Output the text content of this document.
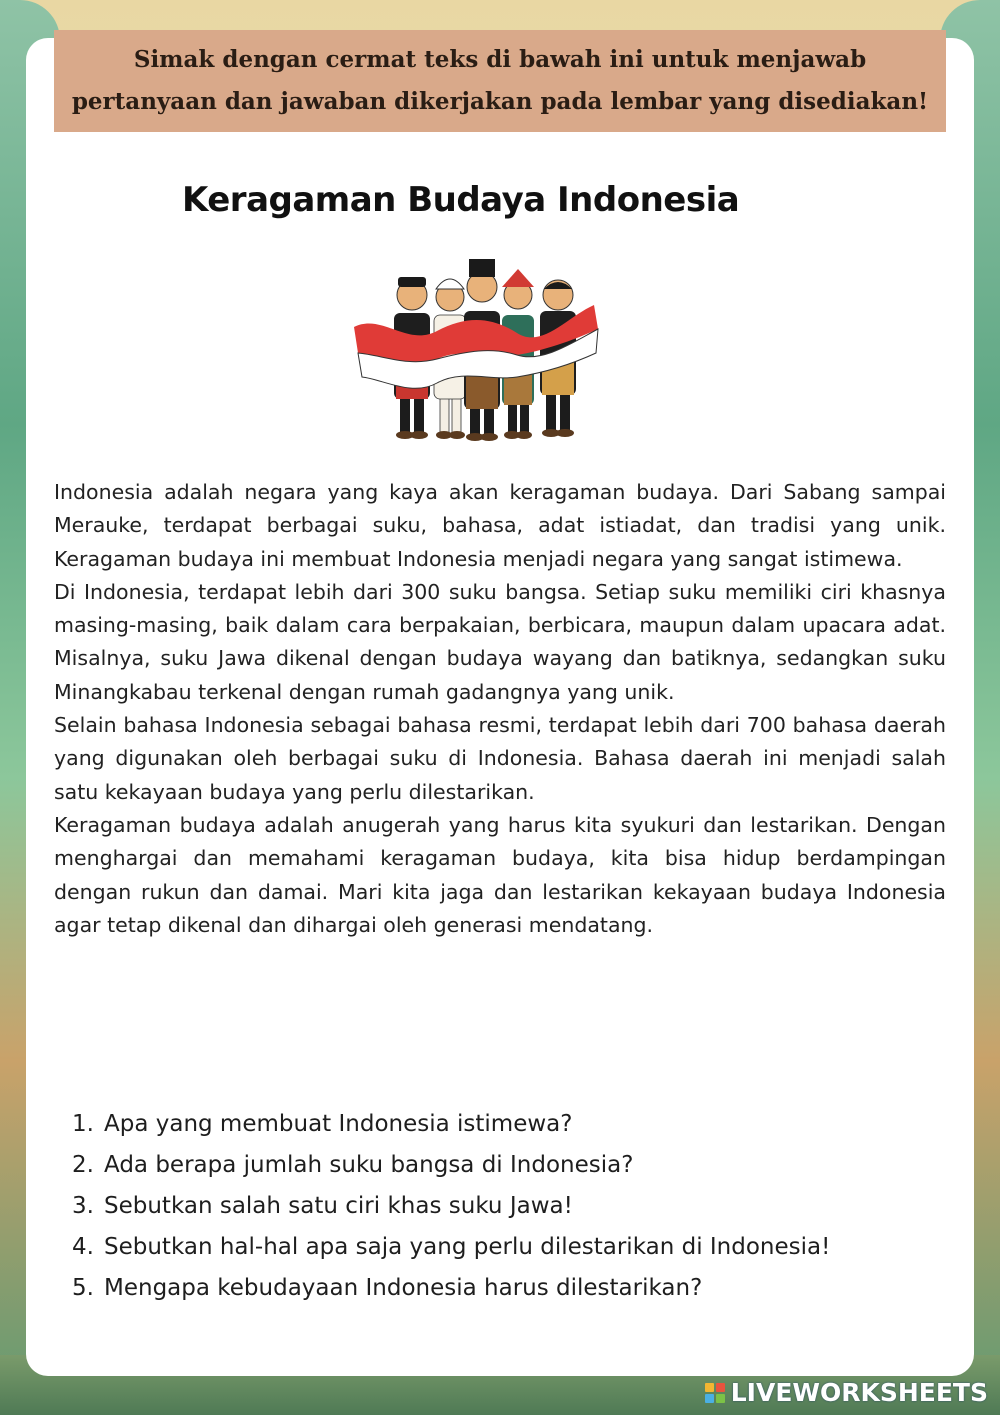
Simak dengan cermat teks di bawah ini untuk menjawab pertanyaan dan jawaban dikerjakan pada lembar yang disediakan!
Keragaman Budaya Indonesia

Indonesia adalah negara yang kaya akan keragaman budaya. Dari Sabang sampai Merauke, terdapat berbagai suku, bahasa, adat istiadat, dan tradisi yang unik. Keragaman budaya ini membuat Indonesia menjadi negara yang sangat istimewa.

Di Indonesia, terdapat lebih dari 300 suku bangsa. Setiap suku memiliki ciri khasnya masing-masing, baik dalam cara berpakaian, berbicara, maupun dalam upacara adat. Misalnya, suku Jawa dikenal dengan budaya wayang dan batiknya, sedangkan suku Minangkabau terkenal dengan rumah gadangnya yang unik.

Selain bahasa Indonesia sebagai bahasa resmi, terdapat lebih dari 700 bahasa daerah yang digunakan oleh berbagai suku di Indonesia. Bahasa daerah ini menjadi salah satu kekayaan budaya yang perlu dilestarikan.

Keragaman budaya adalah anugerah yang harus kita syukuri dan lestarikan. Dengan menghargai dan memahami keragaman budaya, kita bisa hidup berdampingan dengan rukun dan damai. Mari kita jaga dan lestarikan kekayaan budaya Indonesia agar tetap dikenal dan dihargai oleh generasi mendatang.

1. Apa yang membuat Indonesia istimewa?
2. Ada berapa jumlah suku bangsa di Indonesia?
3. Sebutkan salah satu ciri khas suku Jawa!
4. Sebutkan hal-hal apa saja yang perlu dilestarikan di Indonesia!
5. Mengapa kebudayaan Indonesia harus dilestarikan?
LIVEWORKSHEETS
